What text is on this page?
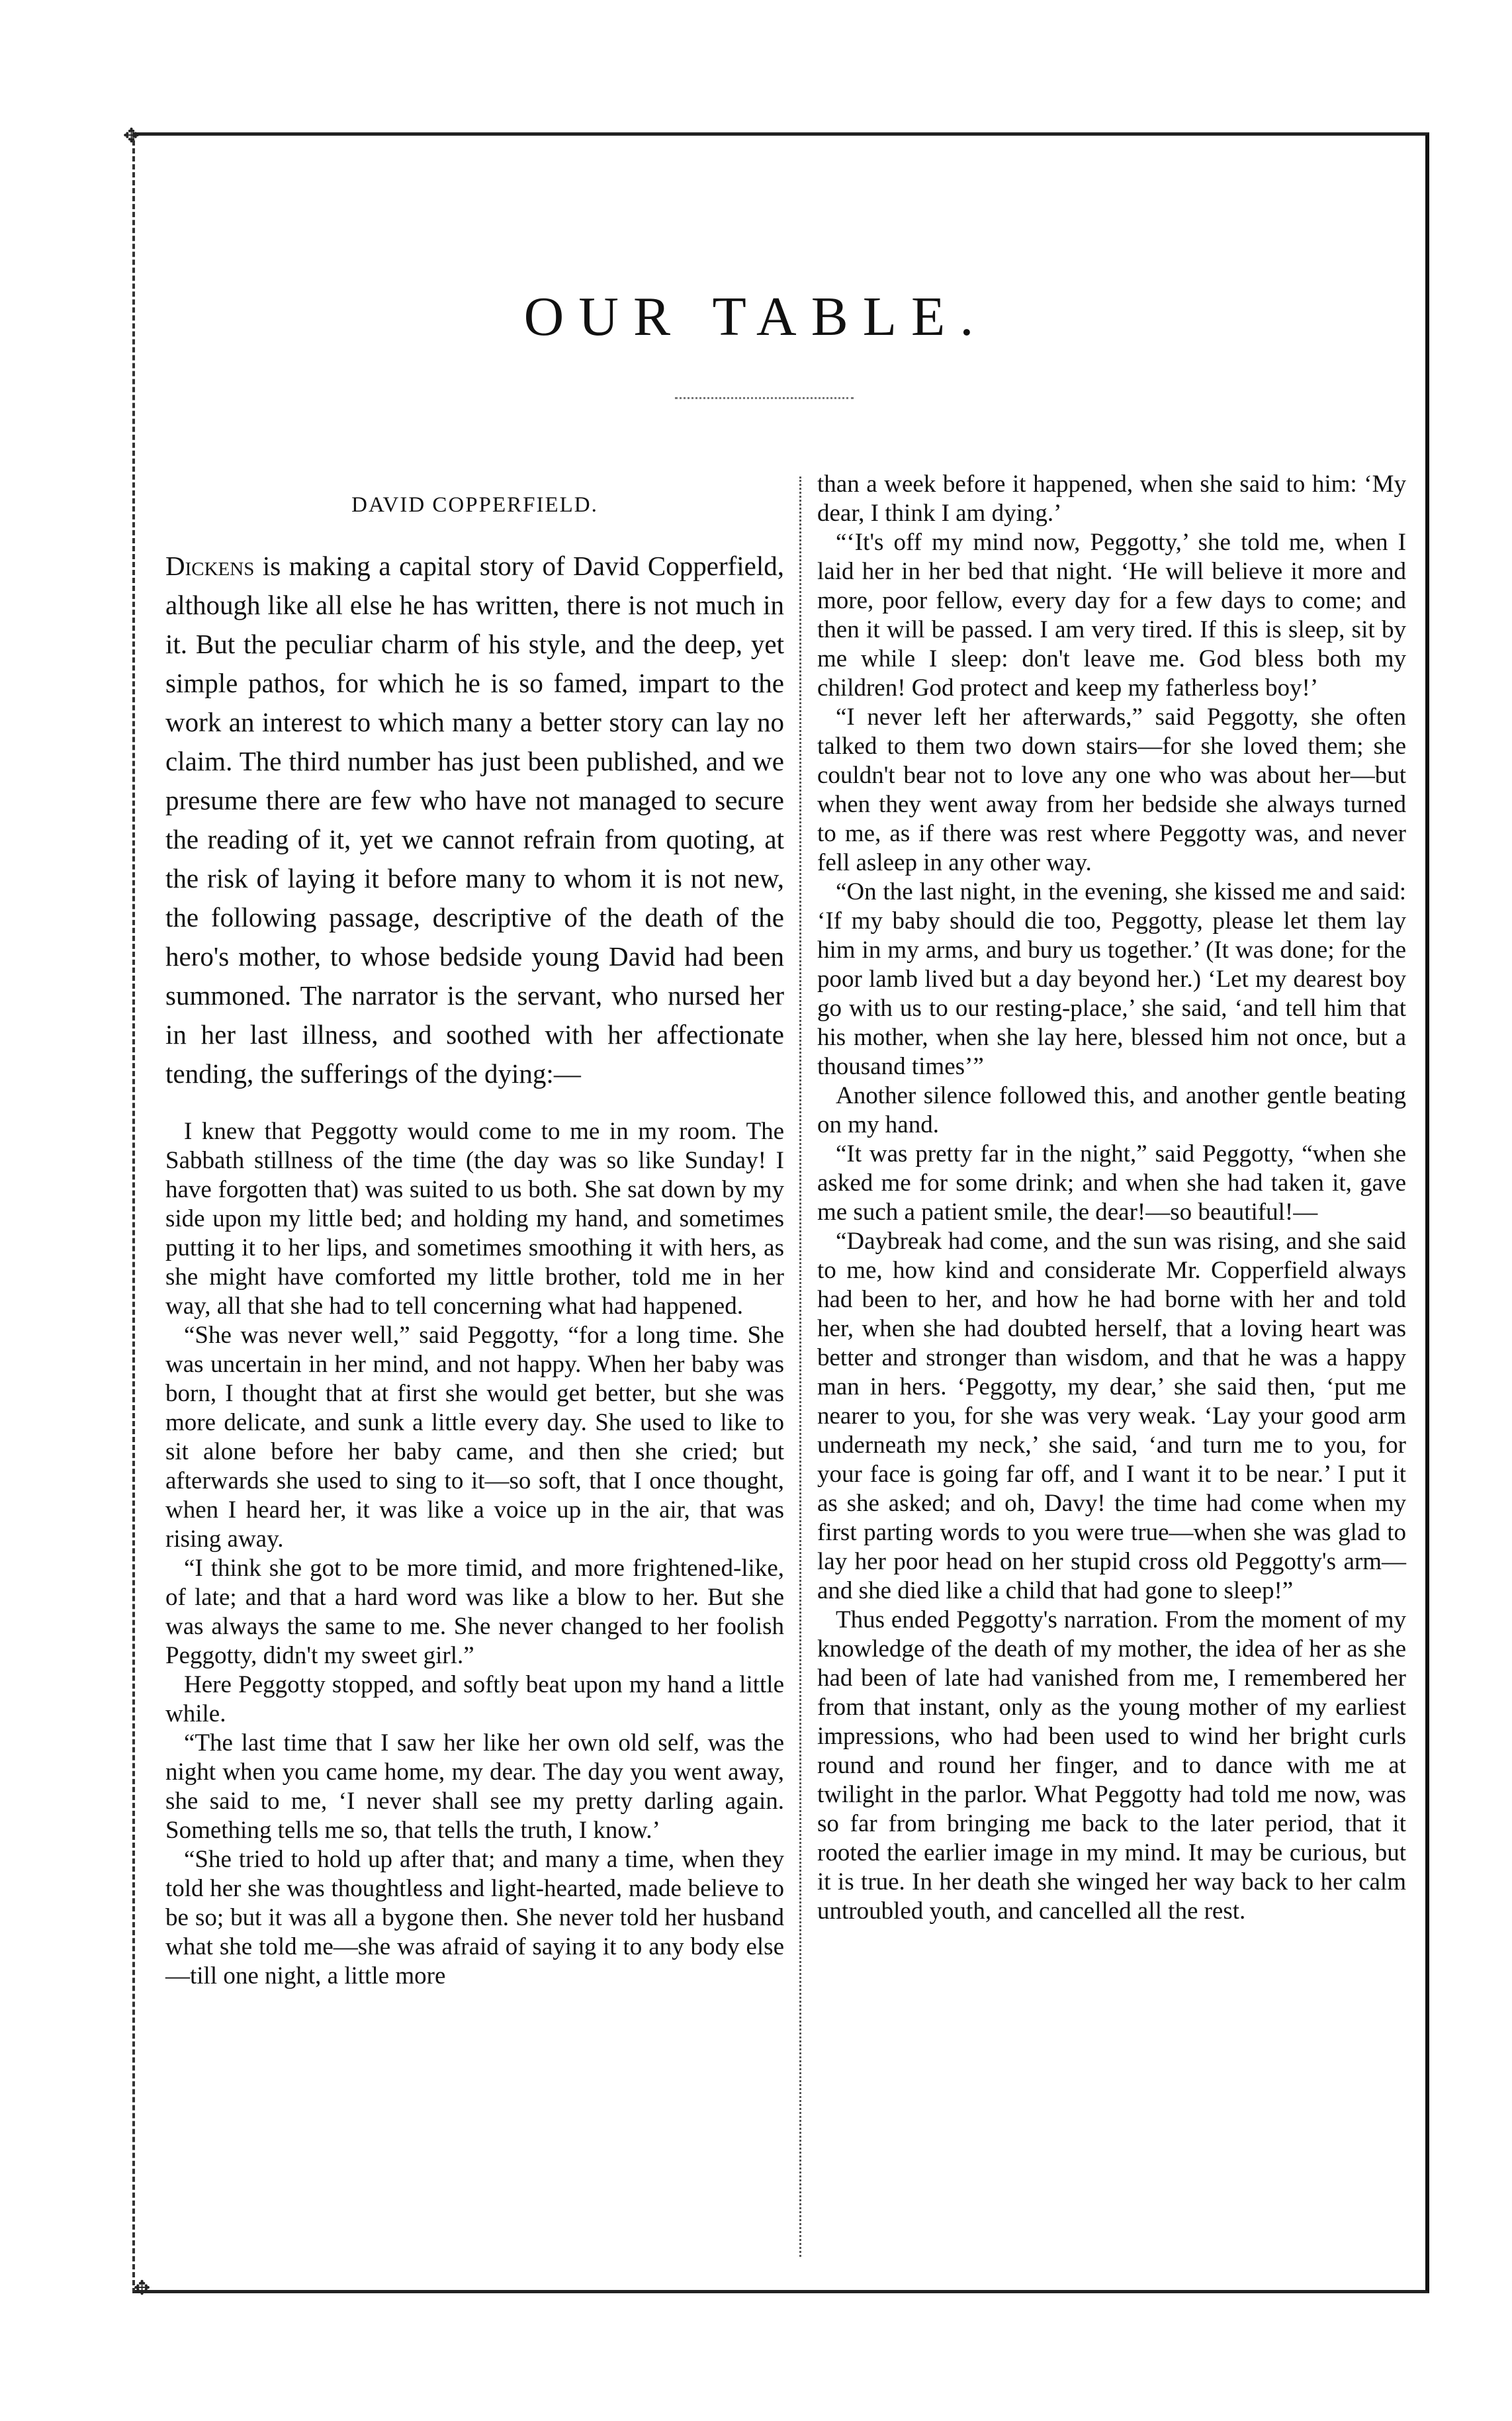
✥
✥
OUR TABLE.
DAVID COPPERFIELD.

Dickens is making a capital story of David Copperfield, although like all else he has written, there is not much in it. But the peculiar charm of his style, and the deep, yet simple pathos, for which he is so famed, impart to the work an interest to which many a better story can lay no claim. The third number has just been published, and we presume there are few who have not managed to secure the reading of it, yet we cannot refrain from quoting, at the risk of laying it before many to whom it is not new, the following passage, descriptive of the death of the hero's mother, to whose bedside young David had been summoned. The narrator is the servant, who nursed her in her last illness, and soothed with her affectionate tending, the sufferings of the dying:—

I knew that Peggotty would come to me in my room. The Sabbath stillness of the time (the day was so like Sunday! I have forgotten that) was suited to us both. She sat down by my side upon my little bed; and holding my hand, and sometimes putting it to her lips, and sometimes smoothing it with hers, as she might have comforted my little brother, told me in her way, all that she had to tell concerning what had happened.

“She was never well,” said Peggotty, “for a long time. She was uncertain in her mind, and not happy. When her baby was born, I thought that at first she would get better, but she was more delicate, and sunk a little every day. She used to like to sit alone before her baby came, and then she cried; but afterwards she used to sing to it—so soft, that I once thought, when I heard her, it was like a voice up in the air, that was rising away.

“I think she got to be more timid, and more frightened-like, of late; and that a hard word was like a blow to her. But she was always the same to me. She never changed to her foolish Peggotty, didn't my sweet girl.”

Here Peggotty stopped, and softly beat upon my hand a little while.

“The last time that I saw her like her own old self, was the night when you came home, my dear. The day you went away, she said to me, ‘I never shall see my pretty darling again. Something tells me so, that tells the truth, I know.’

“She tried to hold up after that; and many a time, when they told her she was thoughtless and light-hearted, made believe to be so; but it was all a bygone then. She never told her husband what she told me—she was afraid of saying it to any body else—till one night, a little more

than a week before it happened, when she said to him: ‘My dear, I think I am dying.’

“‘It's off my mind now, Peggotty,’ she told me, when I laid her in her bed that night. ‘He will believe it more and more, poor fellow, every day for a few days to come; and then it will be passed. I am very tired. If this is sleep, sit by me while I sleep: don't leave me. God bless both my children! God protect and keep my fatherless boy!’

“I never left her afterwards,” said Peggotty, she often talked to them two down stairs—for she loved them; she couldn't bear not to love any one who was about her—but when they went away from her bedside she always turned to me, as if there was rest where Peggotty was, and never fell asleep in any other way.

“On the last night, in the evening, she kissed me and said: ‘If my baby should die too, Peggotty, please let them lay him in my arms, and bury us together.’ (It was done; for the poor lamb lived but a day beyond her.) ‘Let my dearest boy go with us to our resting-place,’ she said, ‘and tell him that his mother, when she lay here, blessed him not once, but a thousand times’”

Another silence followed this, and another gentle beating on my hand.

“It was pretty far in the night,” said Peggotty, “when she asked me for some drink; and when she had taken it, gave me such a patient smile, the dear!—so beautiful!—

“Daybreak had come, and the sun was rising, and she said to me, how kind and considerate Mr. Copperfield always had been to her, and how he had borne with her and told her, when she had doubted herself, that a loving heart was better and stronger than wisdom, and that he was a happy man in hers. ‘Peggotty, my dear,’ she said then, ‘put me nearer to you, for she was very weak. ‘Lay your good arm underneath my neck,’ she said, ‘and turn me to you, for your face is going far off, and I want it to be near.’ I put it as she asked; and oh, Davy! the time had come when my first parting words to you were true—when she was glad to lay her poor head on her stupid cross old Peggotty's arm—and she died like a child that had gone to sleep!”

Thus ended Peggotty's narration. From the moment of my knowledge of the death of my mother, the idea of her as she had been of late had vanished from me, I remembered her from that instant, only as the young mother of my earliest impressions, who had been used to wind her bright curls round and round her finger, and to dance with me at twilight in the parlor. What Peggotty had told me now, was so far from bringing me back to the later period, that it rooted the earlier image in my mind. It may be curious, but it is true. In her death she winged her way back to her calm untroubled youth, and cancelled all the rest.
